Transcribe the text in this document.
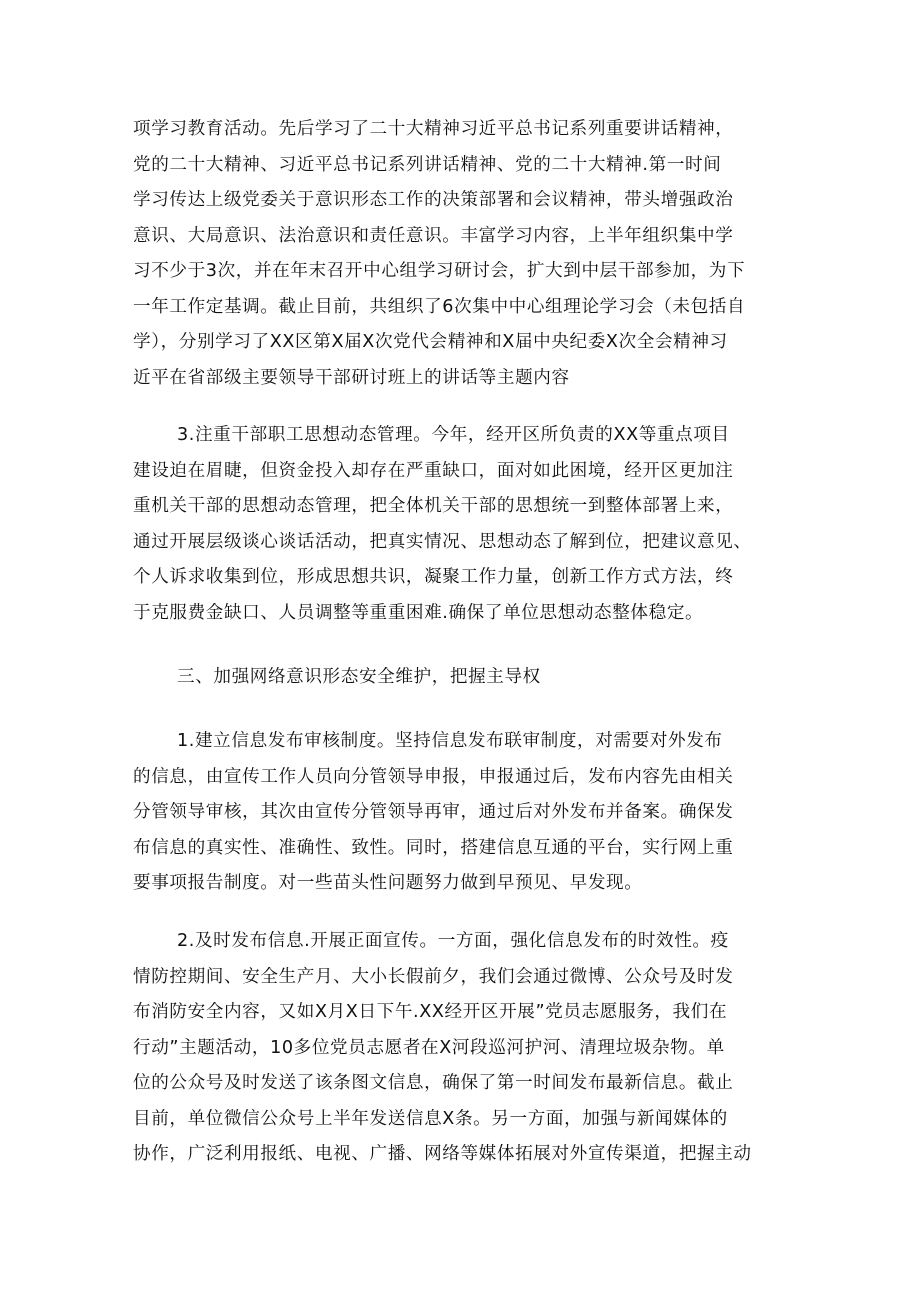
项学习教育活动。先后学习了二十大精神习近平总书记系列重要讲话精神，
党的二十大精神、习近平总书记系列讲话精神、党的二十大精神.第一时间
学习传达上级党委关于意识形态工作的决策部署和会议精神，带头增强政治
意识、大局意识、法治意识和责任意识。丰富学习内容，上半年组织集中学
习不少于3次，并在年末召开中心组学习研讨会，扩大到中层干部参加，为下
一年工作定基调。截止目前，共组织了6次集中中心组理论学习会（未包括自
学），分别学习了XX区第X届X次党代会精神和X届中央纪委X次全会精神习
近平在省部级主要领导干部研讨班上的讲话等主题内容
3.注重干部职工思想动态管理。今年，经开区所负责的XX等重点项目
建设迫在眉睫，但资金投入却存在严重缺口，面对如此困境，经开区更加注
重机关干部的思想动态管理，把全体机关干部的思想统一到整体部署上来，
通过开展层级谈心谈话活动，把真实情况、思想动态了解到位，把建议意见、
个人诉求收集到位，形成思想共识，凝聚工作力量，创新工作方式方法，终
于克服费金缺口、人员调整等重重困难.确保了单位思想动态整体稳定。
三、加强网络意识形态安全维护，把握主导权
1.建立信息发布审核制度。坚持信息发布联审制度，对需要对外发布
的信息，由宣传工作人员向分管领导申报，申报通过后，发布内容先由相关
分管领导审核，其次由宣传分管领导再审，通过后对外发布并备案。确保发
布信息的真实性、准确性、致性。同时，搭建信息互通的平台，实行网上重
要事项报告制度。对一些苗头性问题努力做到早预见、早发现。
2.及时发布信息.开展正面宣传。一方面，强化信息发布的时效性。疫
情防控期间、安全生产月、大小长假前夕，我们会通过微博、公众号及时发
布消防安全内容，又如X月X日下午.XX经开区开展”党员志愿服务，我们在
行动”主题活动，10多位党员志愿者在X河段巡河护河、清理垃圾杂物。单
位的公众号及时发送了该条图文信息，确保了第一时间发布最新信息。截止
目前，单位微信公众号上半年发送信息X条。另一方面，加强与新闻媒体的
协作，广泛利用报纸、电视、广播、网络等媒体拓展对外宣传渠道，把握主动
